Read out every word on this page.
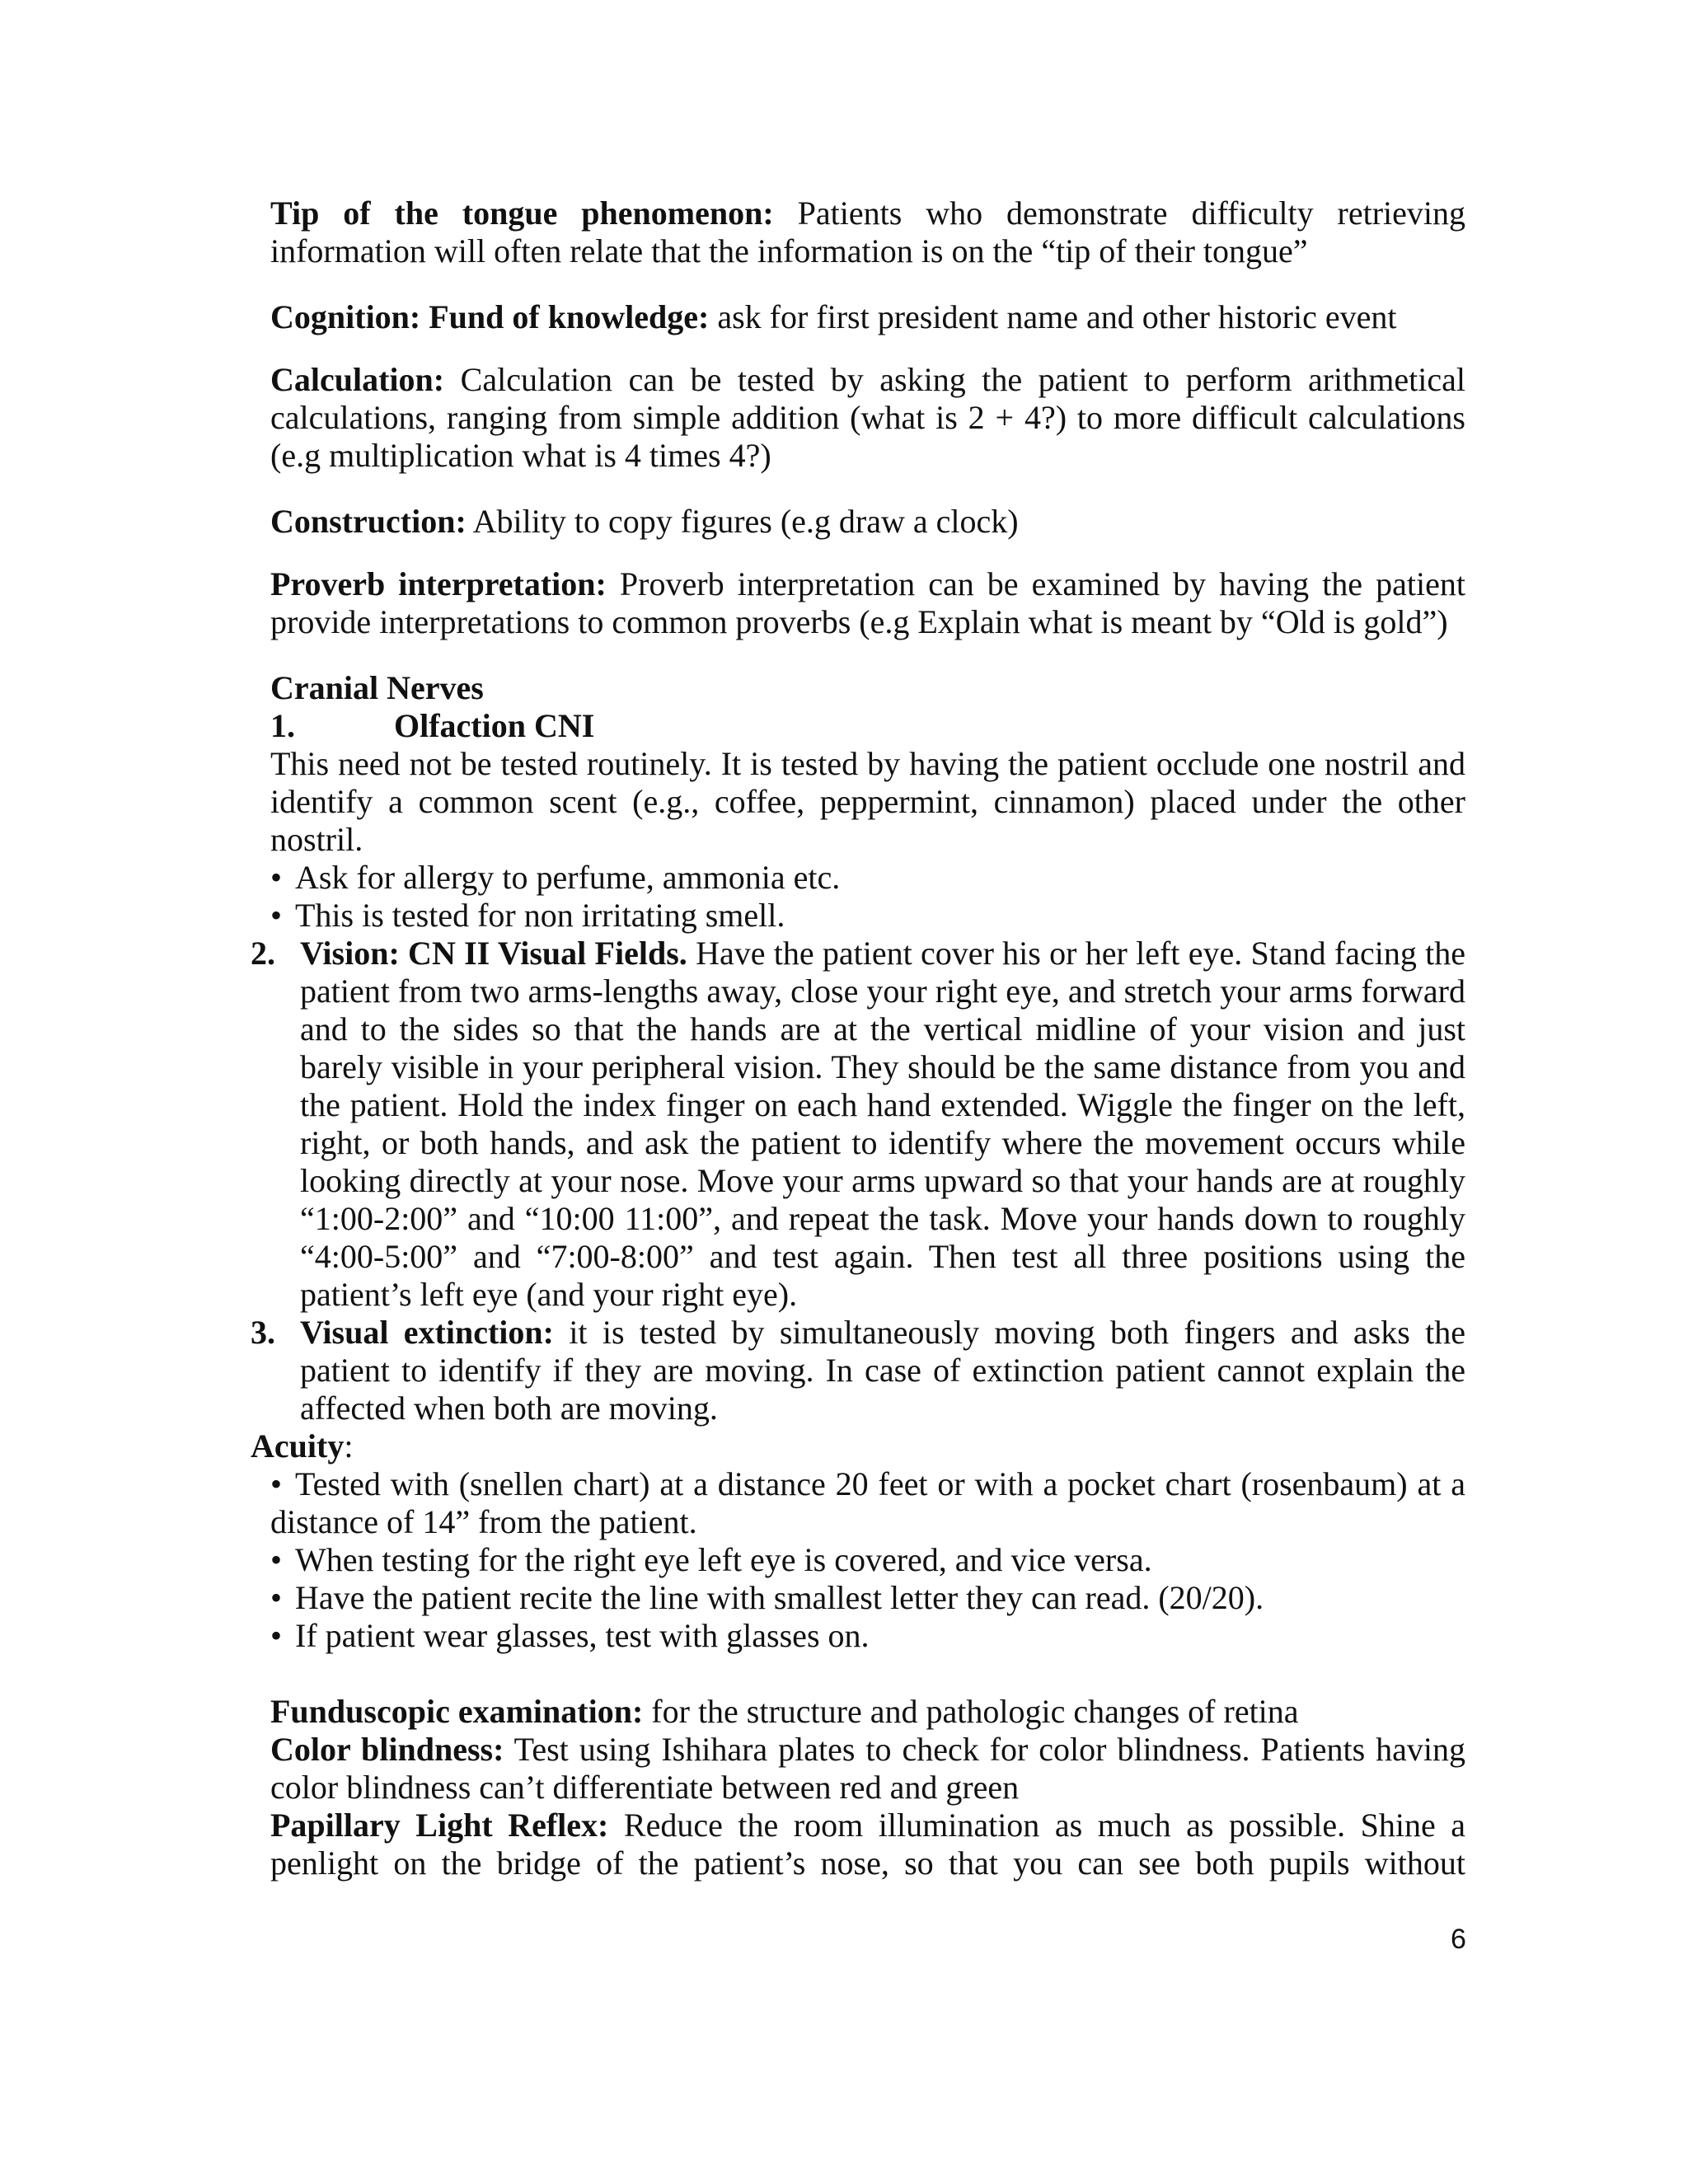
Tip of the tongue phenomenon: Patients who demonstrate difficulty retrieving information will often relate that the information is on the “tip of their tongue”

Cognition: Fund of knowledge: ask for first president name and other historic event

Calculation: Calculation can be tested by asking the patient to perform arithmetical calculations, ranging from simple addition (what is 2 + 4?) to more difficult calculations (e.g multiplication what is 4 times 4?)

Construction: Ability to copy figures (e.g draw a clock)

Proverb interpretation: Proverb interpretation can be examined by having the patient provide interpretations to common proverbs (e.g Explain what is meant by “Old is gold”)

Cranial Nerves

1.	Olfaction CNI

This need not be tested routinely. It is tested by having the patient occlude one nostril and identify a common scent (e.g., coffee, peppermint, cinnamon) placed under the other nostril.

• Ask for allergy to perfume, ammonia etc.

• This is tested for non irritating smell.

2. Vision: CN II Visual Fields. Have the patient cover his or her left eye. Stand facing the patient from two arms-lengths away, close your right eye, and stretch your arms forward and to the sides so that the hands are at the vertical midline of your vision and just barely visible in your peripheral vision. They should be the same distance from you and the patient. Hold the index finger on each hand extended. Wiggle the finger on the left, right, or both hands, and ask the patient to identify where the movement occurs while looking directly at your nose. Move your arms upward so that your hands are at roughly “1:00-2:00” and “10:00 11:00”, and repeat the task. Move your hands down to roughly “4:00-5:00” and “7:00-8:00” and test again. Then test all three positions using the patient’s left eye (and your right eye).

3. Visual extinction: it is tested by simultaneously moving both fingers and asks the patient to identify if they are moving. In case of extinction patient cannot explain the affected when both are moving.

Acuity:

• Tested with (snellen chart) at a distance 20 feet or with a pocket chart (rosenbaum) at a distance of 14” from the patient.

• When testing for the right eye left eye is covered, and vice versa.

• Have the patient recite the line with smallest letter they can read. (20/20).

• If patient wear glasses, test with glasses on.

Funduscopic examination: for the structure and pathologic changes of retina

Color blindness: Test using Ishihara plates to check for color blindness. Patients having color blindness can’t differentiate between red and green

Papillary Light Reflex: Reduce the room illumination as much as possible. Shine a penlight on the bridge of the patient’s nose, so that you can see both pupils without

6
